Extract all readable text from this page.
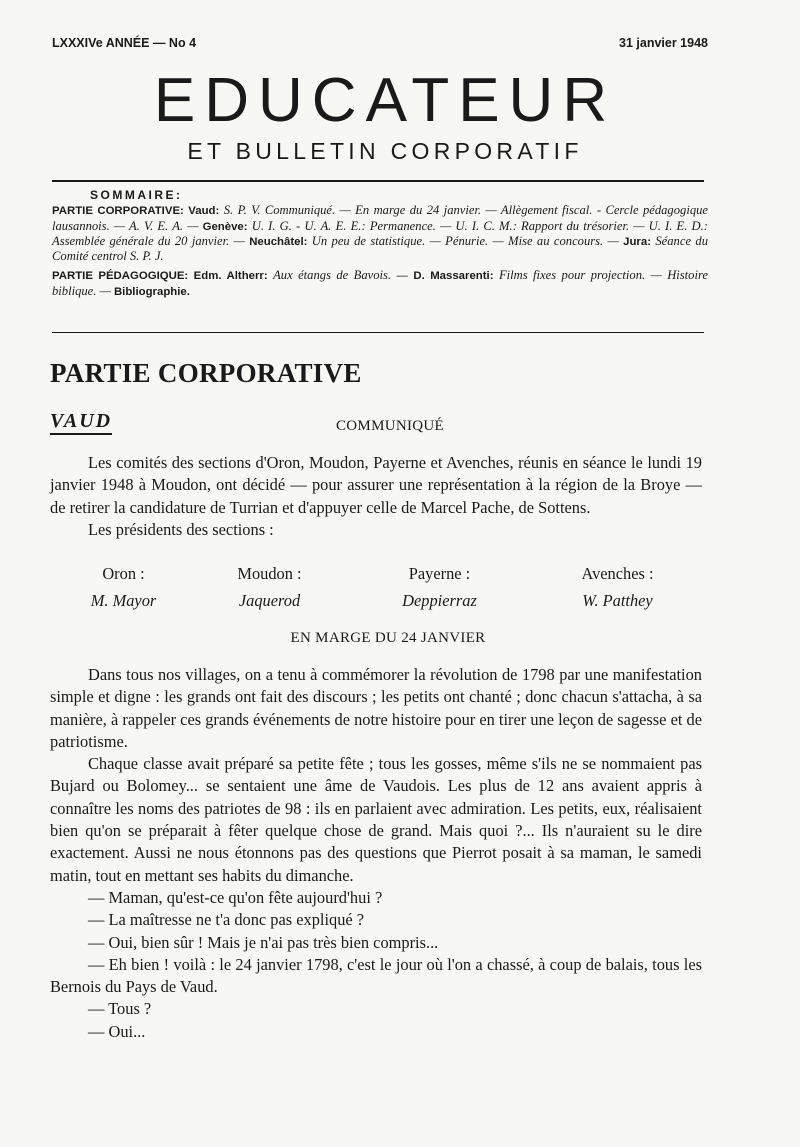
LXXXIVe ANNÉE — No 4	31 janvier 1948
EDUCATEUR
ET BULLETIN CORPORATIF
SOMMAIRE:

PARTIE CORPORATIVE: Vaud: S. P. V. Communiqué. — En marge du 24 janvier. — Allègement fiscal. - Cercle pédagogique lausannois. — A. V. E. A. — Genève: U. I. G. - U. A. E. E.: Permanence. — U. I. C. M.: Rapport du trésorier. — U. I. E. D.: Assemblée générale du 20 janvier. — Neuchâtel: Un peu de statistique. — Pénurie. — Mise au concours. — Jura: Séance du Comité centrol S. P. J.

PARTIE PÉDAGOGIQUE: Edm. Altherr: Aux étangs de Bavois. — D. Massarenti: Films fixes pour projection. — Histoire biblique. — Bibliographie.

PARTIE CORPORATIVE
VAUD	COMMUNIQUÉ

Les comités des sections d'Oron, Moudon, Payerne et Avenches, réunis en séance le lundi 19 janvier 1948 à Moudon, ont décidé — pour assurer une représentation à la région de la Broye — de retirer la candidature de Turrian et d'appuyer celle de Marcel Pache, de Sottens.

Les présidents des sections :

Oron :	Moudon :	Payerne :	Avenches :
M. Mayor	Jaquerod	Deppierraz	W. Patthey
EN MARGE DU 24 JANVIER

Dans tous nos villages, on a tenu à commémorer la révolution de 1798 par une manifestation simple et digne : les grands ont fait des discours ; les petits ont chanté ; donc chacun s'attacha, à sa manière, à rappeler ces grands événements de notre histoire pour en tirer une leçon de sagesse et de patriotisme.

Chaque classe avait préparé sa petite fête ; tous les gosses, même s'ils ne se nommaient pas Bujard ou Bolomey... se sentaient une âme de Vaudois. Les plus de 12 ans avaient appris à connaître les noms des patriotes de 98 : ils en parlaient avec admiration. Les petits, eux, réalisaient bien qu'on se préparait à fêter quelque chose de grand. Mais quoi ?... Ils n'auraient su le dire exactement. Aussi ne nous étonnons pas des questions que Pierrot posait à sa maman, le samedi matin, tout en mettant ses habits du dimanche.

— Maman, qu'est-ce qu'on fête aujourd'hui ?

— La maîtresse ne t'a donc pas expliqué ?

— Oui, bien sûr ! Mais je n'ai pas très bien compris...

— Eh bien ! voilà : le 24 janvier 1798, c'est le jour où l'on a chassé, à coup de balais, tous les Bernois du Pays de Vaud.

— Tous ?

— Oui...
